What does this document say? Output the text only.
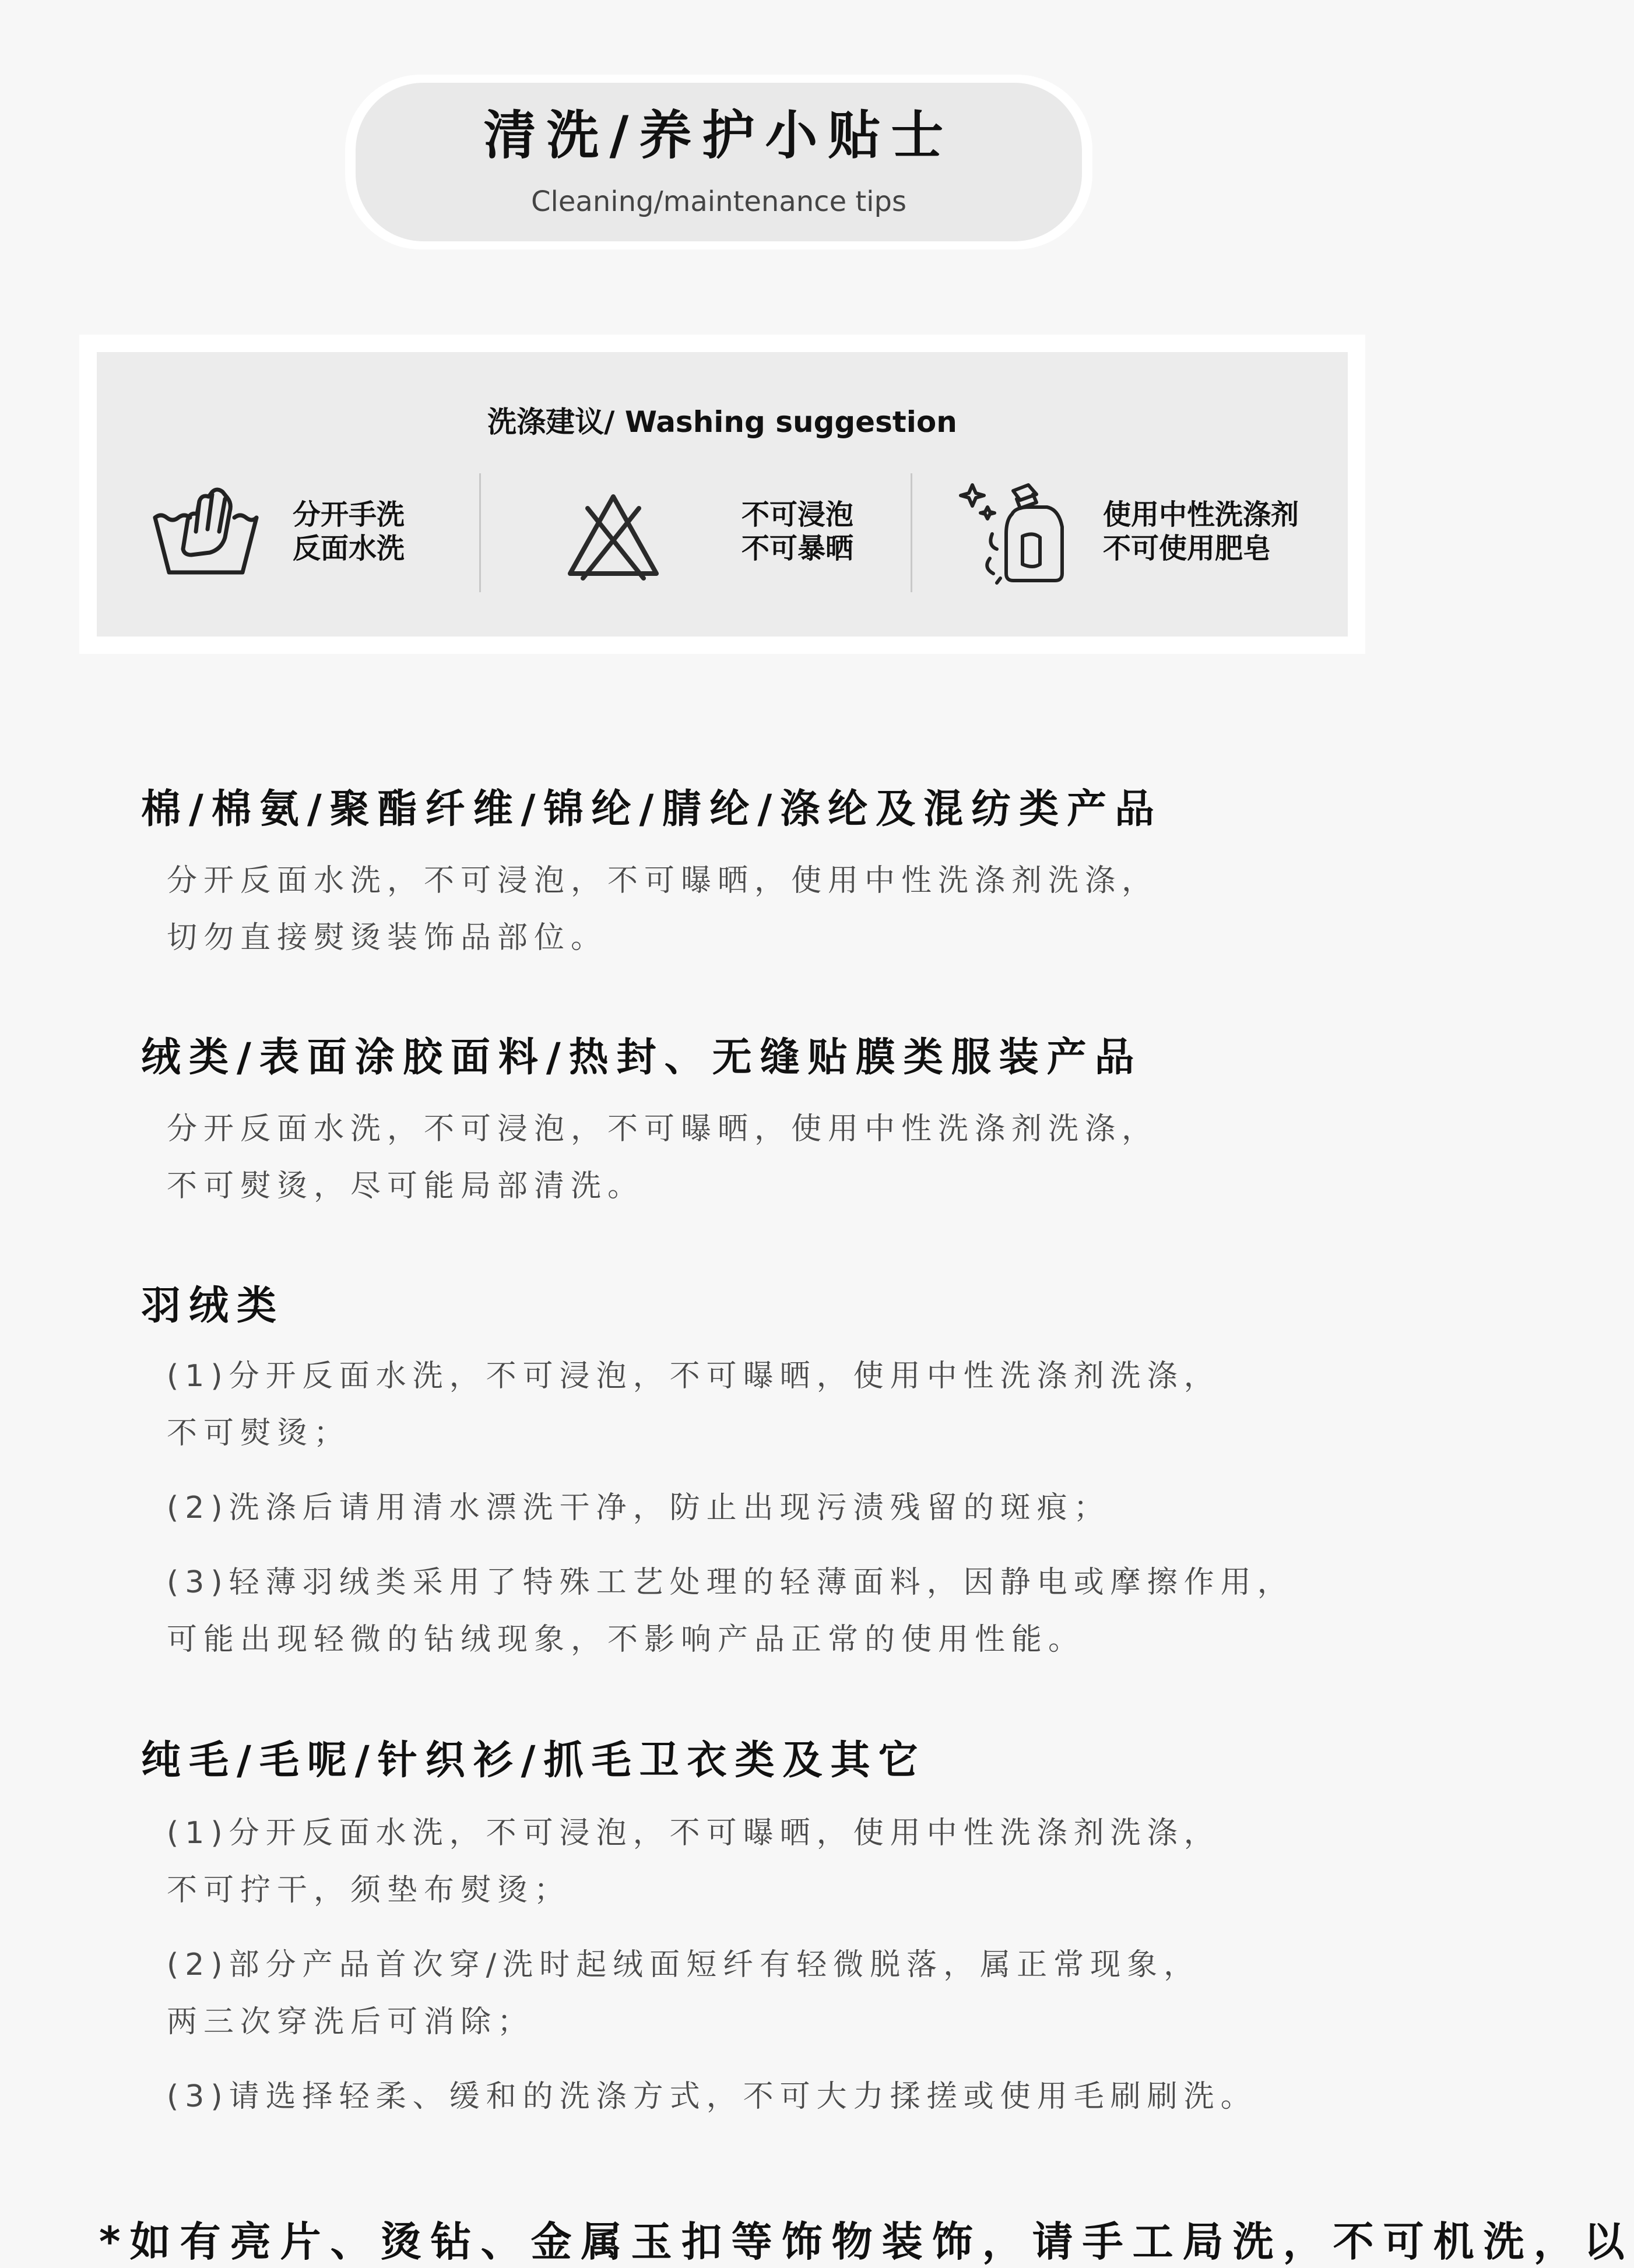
清洗/养护小贴士
Cleaning/maintenance tips
洗涤建议/ Washing suggestion
分开手洗
反面水洗
不可浸泡
不可暴晒
使用中性洗涤剂
不可使用肥皂
棉/棉氨/聚酯纤维/锦纶/腈纶/涤纶及混纺类产品
分开反面水洗，不可浸泡，不可曝晒，使用中性洗涤剂洗涤，
切勿直接熨烫装饰品部位。
绒类/表面涂胶面料/热封、无缝贴膜类服装产品
分开反面水洗，不可浸泡，不可曝晒，使用中性洗涤剂洗涤，
不可熨烫，尽可能局部清洗。
羽绒类
(1)分开反面水洗，不可浸泡，不可曝晒，使用中性洗涤剂洗涤，
不可熨烫；
(2)洗涤后请用清水漂洗干净，防止出现污渍残留的斑痕；
(3)轻薄羽绒类采用了特殊工艺处理的轻薄面料，因静电或摩擦作用，
可能出现轻微的钻绒现象，不影响产品正常的使用性能。
纯毛/毛呢/针织衫/抓毛卫衣类及其它
(1)分开反面水洗，不可浸泡，不可曝晒，使用中性洗涤剂洗涤，
不可拧干，须垫布熨烫；
(2)部分产品首次穿/洗时起绒面短纤有轻微脱落，属正常现象，
两三次穿洗后可消除；
(3)请选择轻柔、缓和的洗涤方式，不可大力揉搓或使用毛刷刷洗。
*如有亮片、烫钻、金属玉扣等饰物装饰，请手工局洗，不可机洗，以
